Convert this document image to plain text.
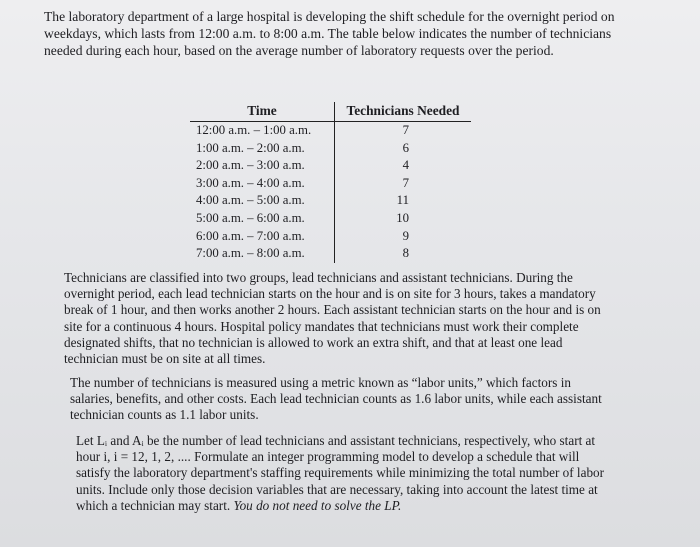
The laboratory department of a large hospital is developing the shift schedule for the overnight period on weekdays, which lasts from 12:00 a.m. to 8:00 a.m. The table below indicates the number of technicians needed during each hour, based on the average number of laboratory requests over the period.

Time	Technicians Needed
12:00 a.m. – 1:00 a.m.	7
1:00 a.m. – 2:00 a.m.	6
2:00 a.m. – 3:00 a.m.	4
3:00 a.m. – 4:00 a.m.	7
4:00 a.m. – 5:00 a.m.	11
5:00 a.m. – 6:00 a.m.	10
6:00 a.m. – 7:00 a.m.	9
7:00 a.m. – 8:00 a.m.	8

Technicians are classified into two groups, lead technicians and assistant technicians. During the overnight period, each lead technician starts on the hour and is on site for 3 hours, takes a mandatory break of 1 hour, and then works another 2 hours. Each assistant technician starts on the hour and is on site for a continuous 4 hours. Hospital policy mandates that technicians must work their complete designated shifts, that no technician is allowed to work an extra shift, and that at least one lead technician must be on site at all times.

The number of technicians is measured using a metric known as “labor units,” which factors in salaries, benefits, and other costs. Each lead technician counts as 1.6 labor units, while each assistant technician counts as 1.1 labor units.

Let Lᵢ and Aᵢ be the number of lead technicians and assistant technicians, respectively, who start at hour i, i = 12, 1, 2, .... Formulate an integer programming model to develop a schedule that will satisfy the laboratory department's staffing requirements while minimizing the total number of labor units. Include only those decision variables that are necessary, taking into account the latest time at which a technician may start. You do not need to solve the LP.
